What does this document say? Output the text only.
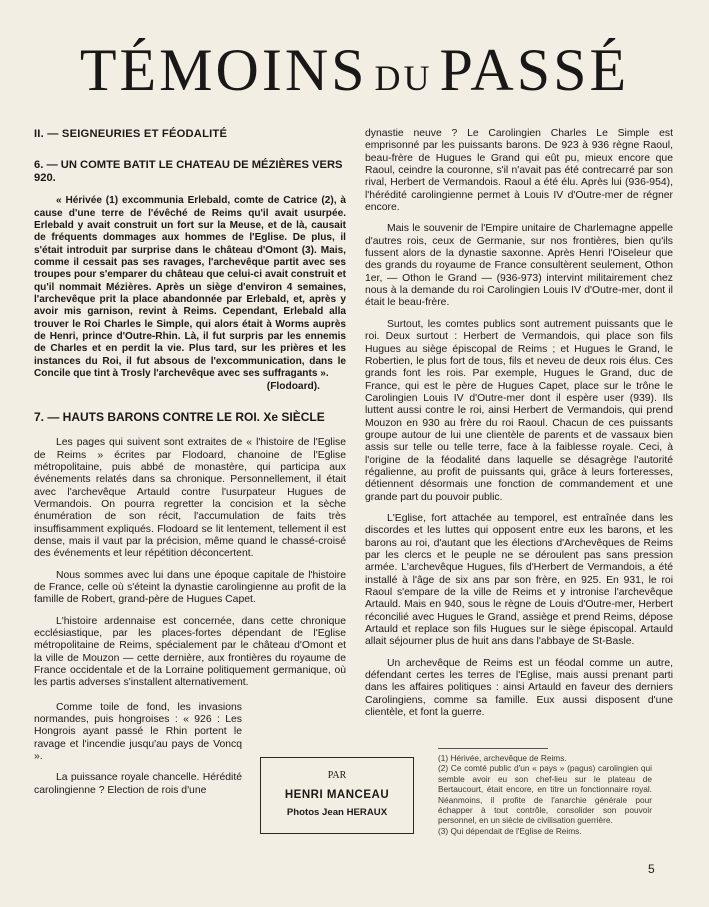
TÉMOINS DU PASSÉ
II. — SEIGNEURIES ET FÉODALITÉ
6. — UN COMTE BATIT LE CHATEAU DE MÉZIÈRES VERS 920.

« Hérivée (1) excommunia Erlebald, comte de Catrice (2), à cause d'une terre de l'évêché de Reims qu'il avait usurpée. Erlebald y avait construit un fort sur la Meuse, et de là, causait de fréquents dommages aux hommes de l'Eglise. De plus, il s'était introduit par surprise dans le château d'Omont (3). Mais, comme il cessait pas ses ravages, l'archevêque partit avec ses troupes pour s'emparer du château que celui-ci avait construit et qu'il nommait Mézières. Après un siège d'environ 4 semaines, l'archevêque prit la place abandonnée par Erlebald, et, après y avoir mis garnison, revint à Reims. Cependant, Erlebald alla trouver le Roi Charles le Simple, qui alors était à Worms auprès de Henri, prince d'Outre-Rhin. Là, il fut surpris par les ennemis de Charles et en perdit la vie. Plus tard, sur les prières et les instances du Roi, il fut absous de l'excommunication, dans le Concile que tint à Trosly l'archevêque avec ses suffragants ».

(Flodoard).
7. — HAUTS BARONS CONTRE LE ROI. Xe SIÈCLE

Les pages qui suivent sont extraites de « l'histoire de l'Eglise de Reims » écrites par Flodoard, chanoine de l'Eglise métropolitaine, puis abbé de monastère, qui participa aux événements relatés dans sa chronique. Personnellement, il était avec l'archevêque Artauld contre l'usurpateur Hugues de Vermandois. On pourra regretter la concision et la sèche énumération de son récit, l'accumulation de faits très insuffisamment expliqués. Flodoard se lit lentement, tellement il est dense, mais il vaut par la précision, même quand le chassé-croisé des événements et leur répétition déconcertent.

Nous sommes avec lui dans une époque capitale de l'histoire de France, celle où s'éteint la dynastie carolingienne au profit de la famille de Robert, grand-père de Hugues Capet.

L'histoire ardennaise est concernée, dans cette chronique ecclésiastique, par les places-fortes dépendant de l'Eglise métropolitaine de Reims, spécialement par le château d'Omont et la ville de Mouzon — cette dernière, aux frontières du royaume de France occidentale et de la Lorraine politiquement germanique, où les partis adverses s'installent alternativement.

Comme toile de fond, les invasions normandes, puis hongroises : « 926 : Les Hongrois ayant passé le Rhin portent le ravage et l'incendie jusqu'au pays de Voncq ».

La puissance royale chancelle. Hérédité carolingienne ? Election de rois d'une

dynastie neuve ? Le Carolingien Charles Le Simple est emprisonné par les puissants barons. De 923 à 936 règne Raoul, beau-frère de Hugues le Grand qui eût pu, mieux encore que Raoul, ceindre la couronne, s'il n'avait pas été contrecarré par son rival, Herbert de Vermandois. Raoul a été élu. Après lui (936-954), l'hérédité carolingienne permet à Louis IV d'Outre-mer de régner encore.

Mais le souvenir de l'Empire unitaire de Charlemagne appelle d'autres rois, ceux de Germanie, sur nos frontières, bien qu'ils fussent alors de la dynastie saxonne. Après Henri l'Oiseleur que des grands du royaume de France consultèrent seulement, Othon 1er, — Othon le Grand — (936-973) intervint militairement chez nous à la demande du roi Carolingien Louis IV d'Outre-mer, dont il était le beau-frère.

Surtout, les comtes publics sont autrement puissants que le roi. Deux surtout : Herbert de Vermandois, qui place son fils Hugues au siège épiscopal de Reims ; et Hugues le Grand, le Robertien, le plus fort de tous, fils et neveu de deux rois élus. Ces grands font les rois. Par exemple, Hugues le Grand, duc de France, qui est le père de Hugues Capet, place sur le trône le Carolingien Louis IV d'Outre-mer dont il espère user (939). Ils luttent aussi contre le roi, ainsi Herbert de Vermandois, qui prend Mouzon en 930 au frère du roi Raoul. Chacun de ces puissants groupe autour de lui une clientèle de parents et de vassaux bien assis sur telle ou telle terre, face à la faiblesse royale. Ceci, à l'origine de la féodalité dans laquelle se désagrège l'autorité régalienne, au profit de puissants qui, grâce à leurs forteresses, détiennent désormais une fonction de commandement et une grande part du pouvoir public.

L'Eglise, fort attachée au temporel, est entraînée dans les discordes et les luttes qui opposent entre eux les barons, et les barons au roi, d'autant que les élections d'Archevêques de Reims par les clercs et le peuple ne se déroulent pas sans pression armée. L'archevêque Hugues, fils d'Herbert de Vermandois, a été installé à l'âge de six ans par son frère, en 925. En 931, le roi Raoul s'empare de la ville de Reims et y intronise l'archevêque Artauld. Mais en 940, sous le règne de Louis d'Outre-mer, Herbert réconcilié avec Hugues le Grand, assiège et prend Reims, dépose Artauld et replace son fils Hugues sur le siège épiscopal. Artauld allait séjourner plus de huit ans dans l'abbaye de St-Basle.

Un archevêque de Reims est un féodal comme un autre, défendant certes les terres de l'Eglise, mais aussi prenant parti dans les affaires politiques : ainsi Artauld en faveur des derniers Carolingiens, comme sa famille. Eux aussi disposent d'une clientèle, et font la guerre.

PAR
HENRI MANCEAU
Photos Jean HERAUX
(1) Hérivée, archevêque de Reims.
(2) Ce comté public d'un « pays » (pagus) carolingien qui semble avoir eu son chef-lieu sur le plateau de Bertaucourt, était encore, en titre un fonctionnaire royal. Néanmoins, il profite de l'anarchie générale pour échapper à tout contrôle, consolider son pouvoir personnel, en un siècle de civilisation guerrière.
(3) Qui dépendait de l'Eglise de Reims.
5
